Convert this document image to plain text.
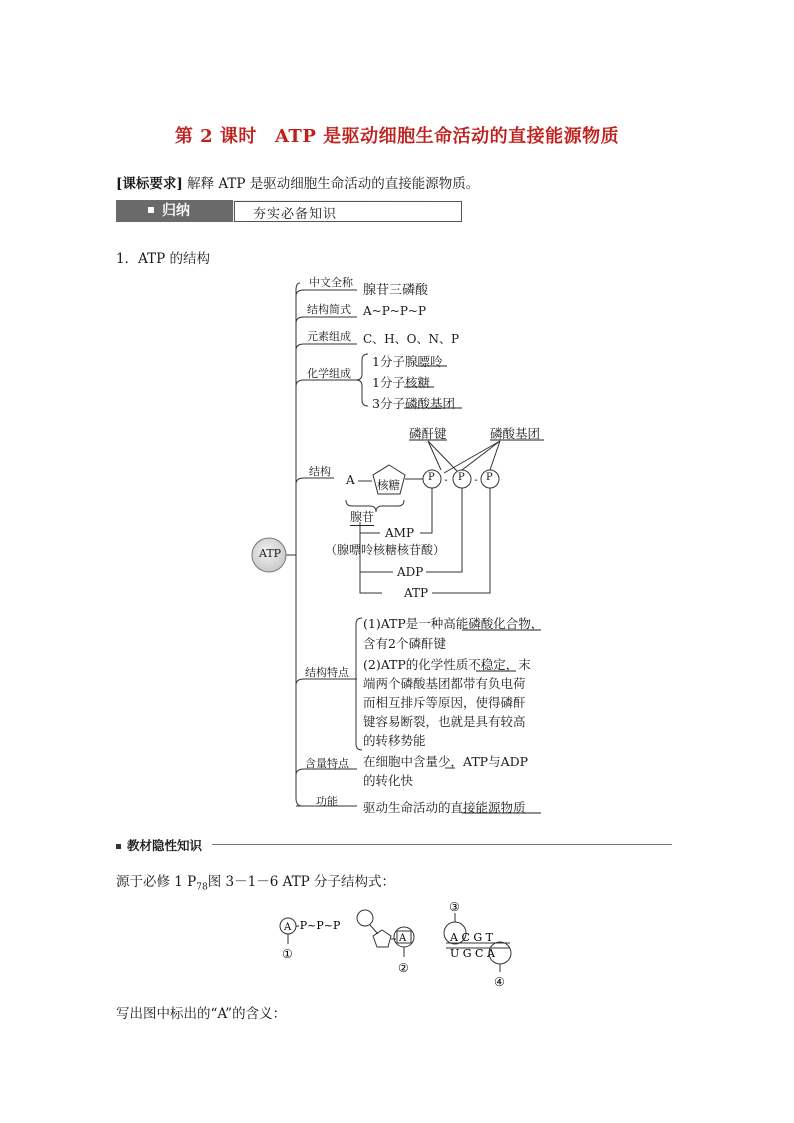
第 2 课时 ATP 是驱动细胞生命活动的直接能源物质
[课标要求] 解释 ATP 是驱动细胞生命活动的直接能源物质。
归纳	夯实必备知识
1．ATP 的结构
-	-
ATP
中文全称
腺苷三磷酸
结构简式 A~P~P~P
元素组成 C、H、O、N、P
化学组成
1分子腺嘌呤
1分子核糖
3分子磷酸基团
结构
磷酐键	磷酸基团
A 核糖
P P P
腺苷
AMP
（腺嘌呤核糖核苷酸）
ADP
ATP
结构特点
(1)ATP是一种高能磷酸化合物，
含有2个磷酐键
(2)ATP的化学性质不稳定，末
端两个磷酸基团都带有负电荷
而相互排斥等原因，使得磷酐
键容易断裂，也就是具有较高
的转移势能
含量特点 在细胞中含量少，ATP与ADP
的转化快
功能 驱动生命活动的直接能源物质
教材隐性知识
源于必修 1 $P_{78}$图 3－1－6 ATP 分子结构式：
A -P~P~P
①
A
②
③
A C G T
U G C A
④
写出图中标出的“A”的含义：
